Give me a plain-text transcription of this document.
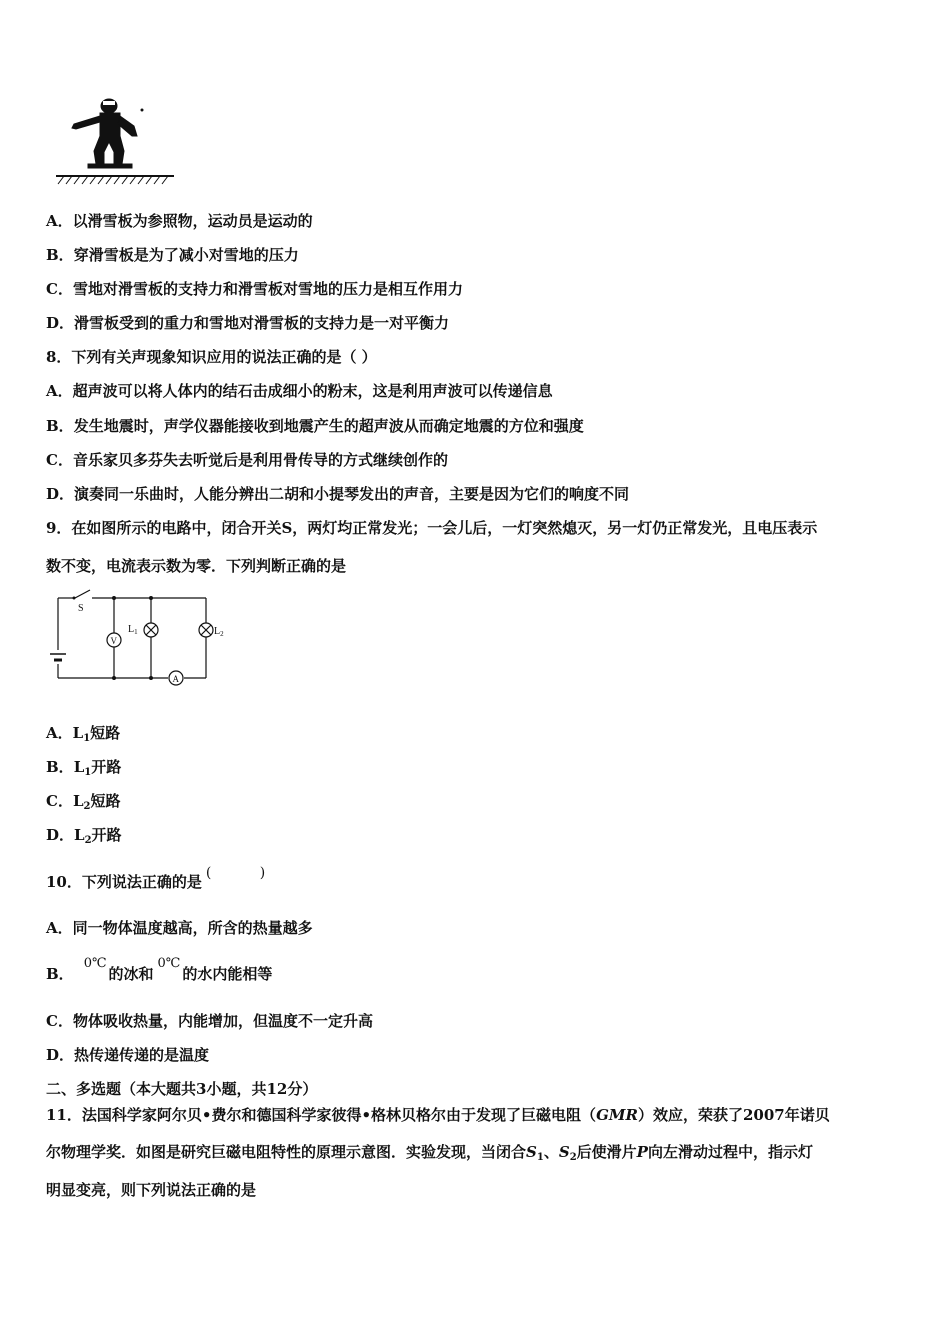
A．以滑雪板为参照物，运动员是运动的
B．穿滑雪板是为了减小对雪地的压力
C．雪地对滑雪板的支持力和滑雪板对雪地的压力是相互作用力
D．滑雪板受到的重力和雪地对滑雪板的支持力是一对平衡力
8．下列有关声现象知识应用的说法正确的是（ ）
A．超声波可以将人体内的结石击成细小的粉末，这是利用声波可以传递信息
B．发生地震时，声学仪器能接收到地震产生的超声波从而确定地震的方位和强度
C．音乐家贝多芬失去听觉后是利用骨传导的方式继续创作的
D．演奏同一乐曲时，人能分辨出二胡和小提琴发出的声音，主要是因为它们的响度不同
9．在如图所示的电路中，闭合开关S，两灯均正常发光；一会儿后，一灯突然熄灭，另一灯仍正常发光，且电压表示
数不变，电流表示数为零．下列判断正确的是
S
V
A
$L_1$	$L_2$
A．$L_1$短路
B．$L_1$开路
C．$L_2$短路
D．$L_2$开路
10．下列说法正确的是 ( )
A．同一物体温度越高，所含的热量越多
B．0℃的冰和0℃的水内能相等
C．物体吸收热量，内能增加，但温度不一定升高
D．热传递传递的是温度
二、多选题（本大题共3小题，共12分）
11．法国科学家阿尔贝•费尔和德国科学家彼得•格林贝格尔由于发现了巨磁电阻（GMR）效应，荣获了2007年诺贝
尔物理学奖．如图是研究巨磁电阻特性的原理示意图．实验发现，当闭合$S_1$、$S_2$后使滑片P向左滑动过程中，指示灯
明显变亮，则下列说法正确的是
